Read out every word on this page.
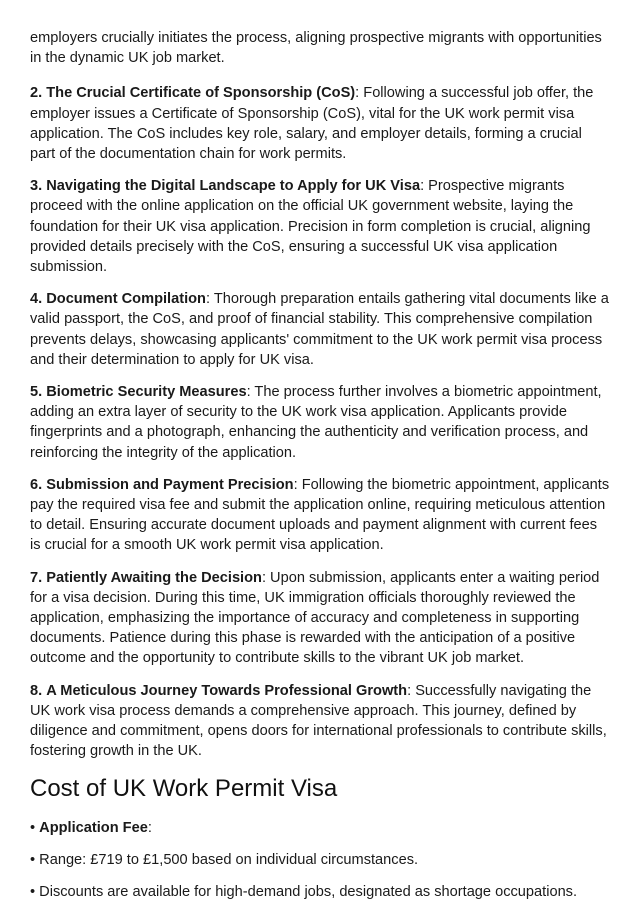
employers crucially initiates the process, aligning prospective migrants with opportunities in the dynamic UK job market.

2. The Crucial Certificate of Sponsorship (CoS): Following a successful job offer, the employer issues a Certificate of Sponsorship (CoS), vital for the UK work permit visa application. The CoS includes key role, salary, and employer details, forming a crucial part of the documentation chain for work permits.

3. Navigating the Digital Landscape to Apply for UK Visa: Prospective migrants proceed with the online application on the official UK government website, laying the foundation for their UK visa application. Precision in form completion is crucial, aligning provided details precisely with the CoS, ensuring a successful UK visa application submission.

4. Document Compilation: Thorough preparation entails gathering vital documents like a valid passport, the CoS, and proof of financial stability. This comprehensive compilation prevents delays, showcasing applicants' commitment to the UK work permit visa process and their determination to apply for UK visa.

5. Biometric Security Measures: The process further involves a biometric appointment, adding an extra layer of security to the UK work visa application. Applicants provide fingerprints and a photograph, enhancing the authenticity and verification process, and reinforcing the integrity of the application.

6. Submission and Payment Precision: Following the biometric appointment, applicants pay the required visa fee and submit the application online, requiring meticulous attention to detail. Ensuring accurate document uploads and payment alignment with current fees is crucial for a smooth UK work permit visa application.

7. Patiently Awaiting the Decision: Upon submission, applicants enter a waiting period for a visa decision. During this time, UK immigration officials thoroughly reviewed the application, emphasizing the importance of accuracy and completeness in supporting documents. Patience during this phase is rewarded with the anticipation of a positive outcome and the opportunity to contribute skills to the vibrant UK job market.

8. A Meticulous Journey Towards Professional Growth: Successfully navigating the UK work visa process demands a comprehensive approach. This journey, defined by diligence and commitment, opens doors for international professionals to contribute skills, fostering growth in the UK.

Cost of UK Work Permit Visa

• Application Fee:

• Range: £719 to £1,500 based on individual circumstances.

• Discounts are available for high-demand jobs, designated as shortage occupations.
